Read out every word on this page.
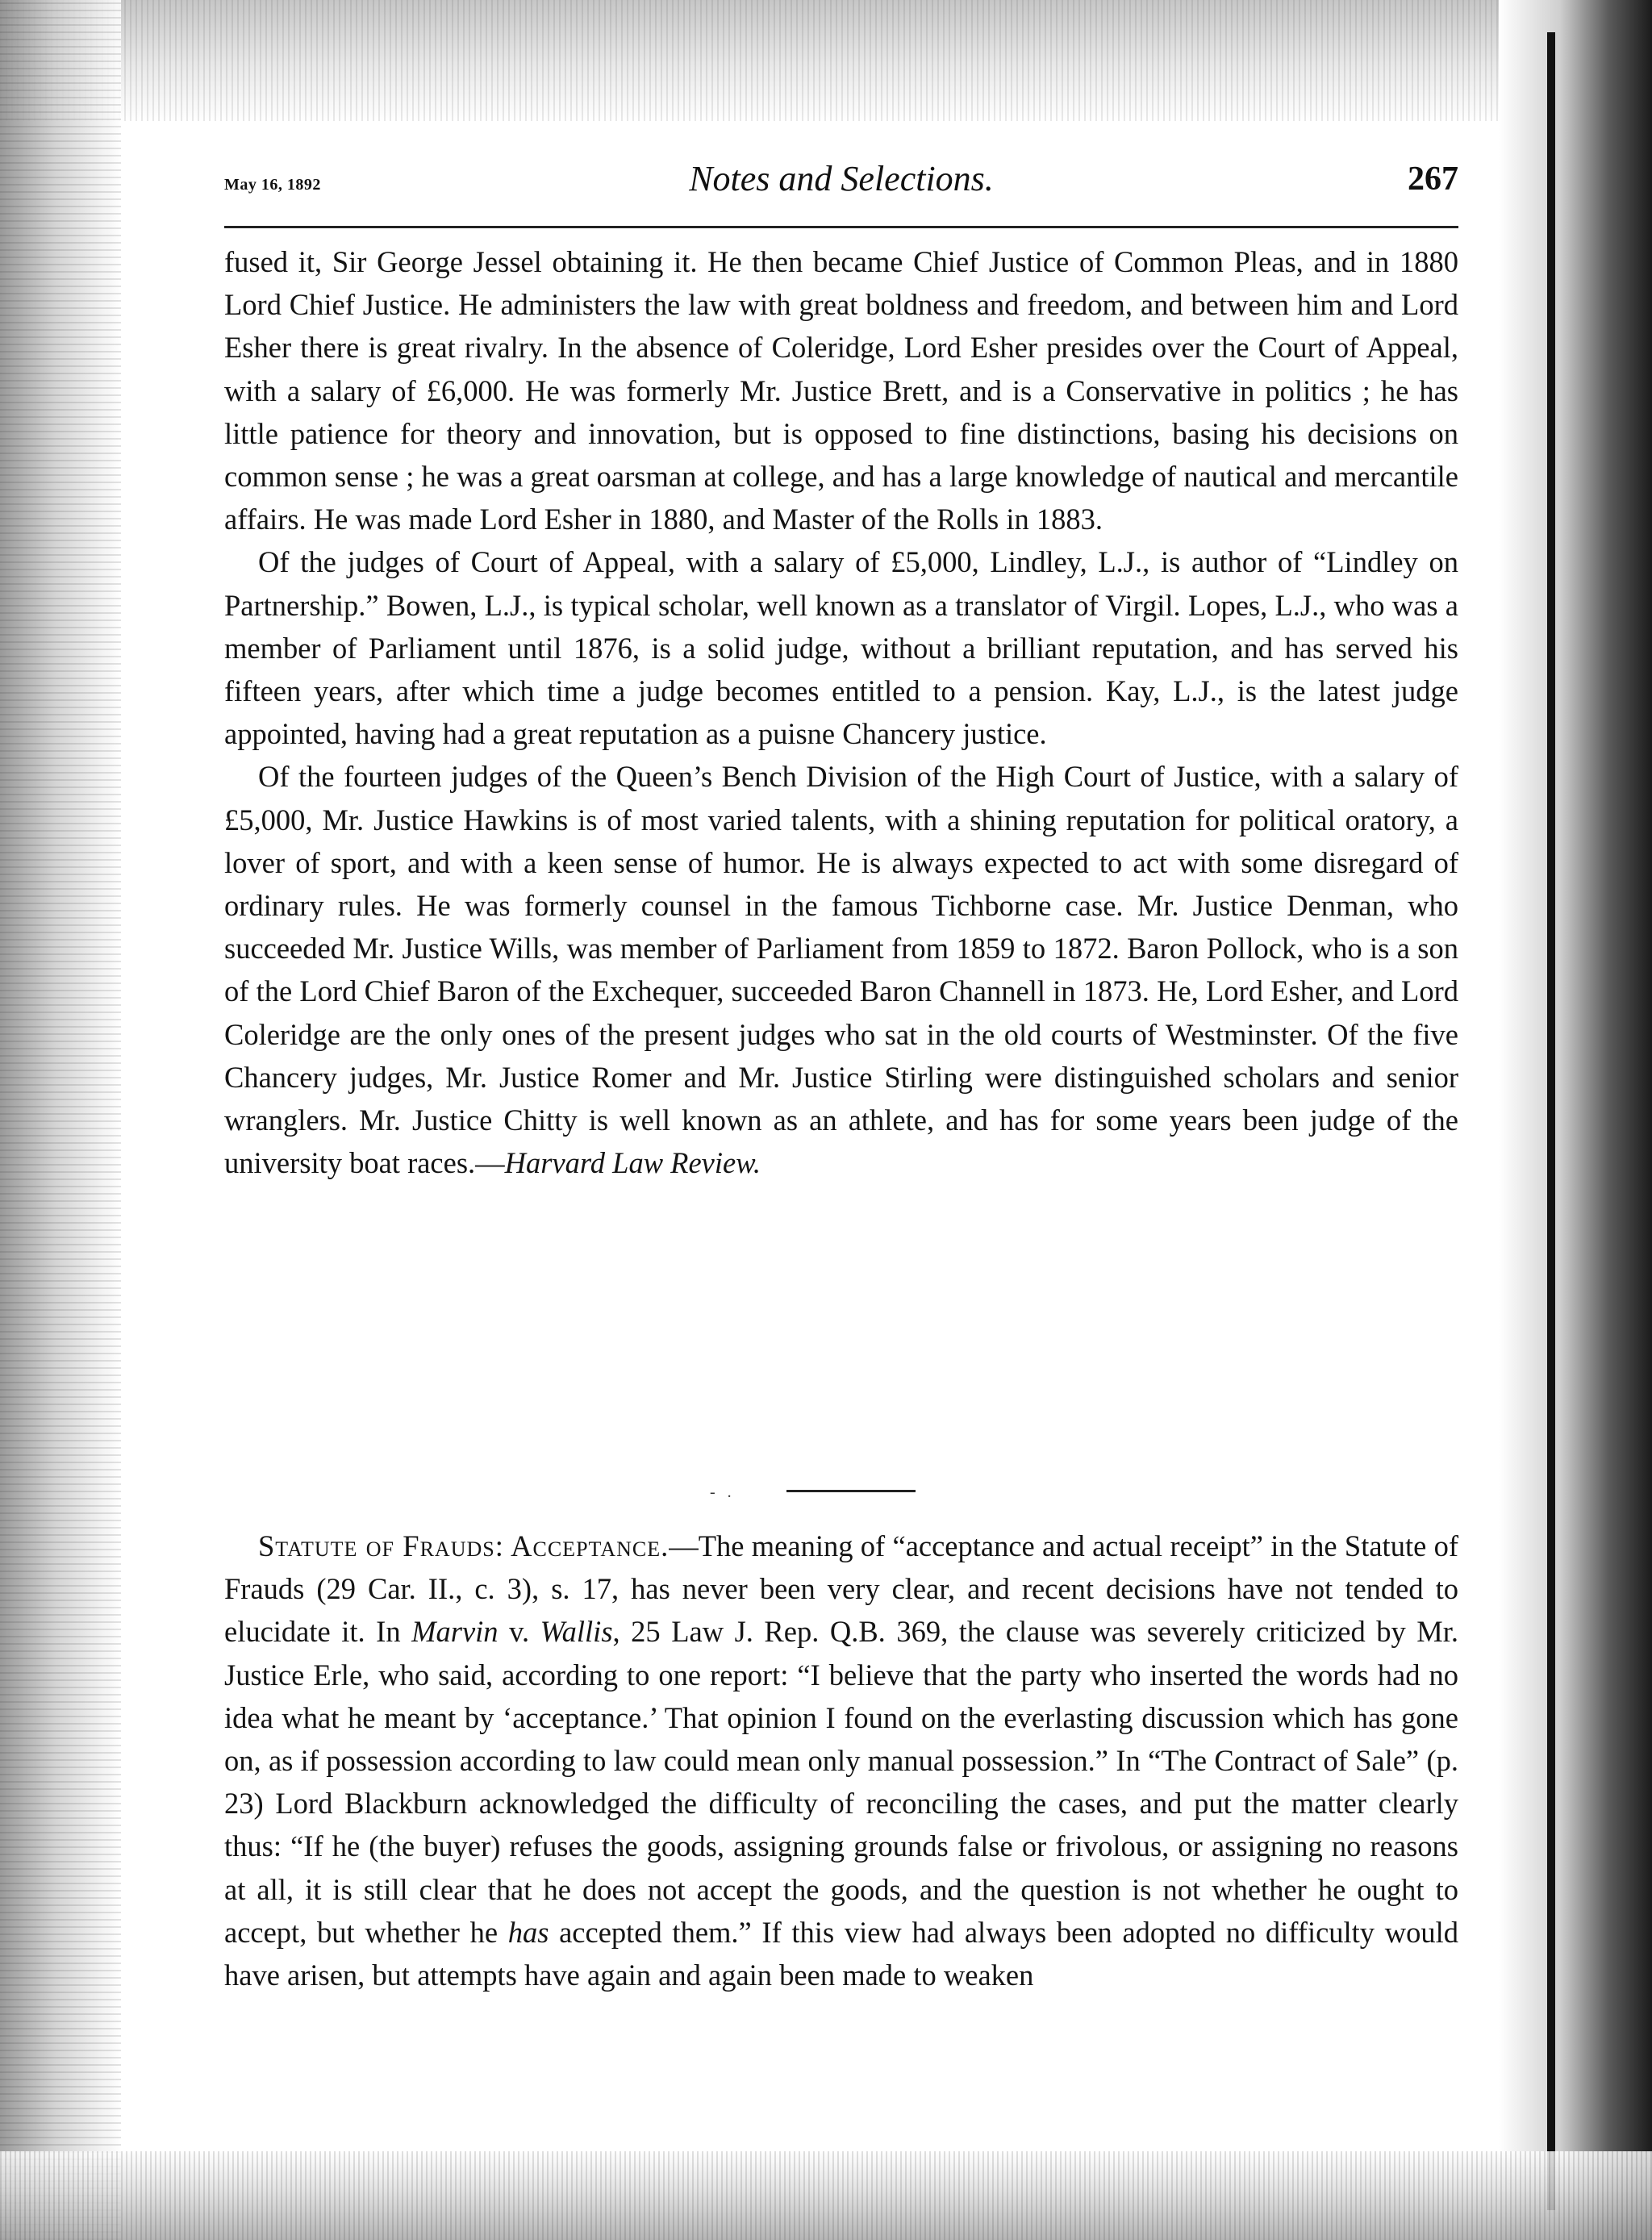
May 16, 1892	Notes and Selections.	267

fused it, Sir George Jessel obtaining it. He then became Chief Justice of Common Pleas, and in 1880 Lord Chief Justice. He administers the law with great boldness and freedom, and between him and Lord Esher there is great rivalry. In the absence of Coleridge, Lord Esher presides over the Court of Appeal, with a salary of £6,000. He was formerly Mr. Justice Brett, and is a Conservative in politics ; he has little patience for theory and innovation, but is opposed to fine distinctions, basing his decisions on common sense ; he was a great oarsman at college, and has a large knowledge of nautical and mercantile affairs. He was made Lord Esher in 1880, and Master of the Rolls in 1883.

Of the judges of Court of Appeal, with a salary of £5,000, Lindley, L.J., is author of “Lindley on Partnership.” Bowen, L.J., is typical scholar, well known as a translator of Virgil. Lopes, L.J., who was a member of Parliament until 1876, is a solid judge, without a brilliant reputation, and has served his fifteen years, after which time a judge becomes entitled to a pension. Kay, L.J., is the latest judge appointed, having had a great reputation as a puisne Chancery justice.

Of the fourteen judges of the Queen’s Bench Division of the High Court of Justice, with a salary of £5,000, Mr. Justice Hawkins is of most varied talents, with a shining reputation for political oratory, a lover of sport, and with a keen sense of humor. He is always expected to act with some disregard of ordinary rules. He was formerly counsel in the famous Tichborne case. Mr. Justice Denman, who succeeded Mr. Justice Wills, was member of Parliament from 1859 to 1872. Baron Pollock, who is a son of the Lord Chief Baron of the Exchequer, succeeded Baron Channell in 1873. He, Lord Esher, and Lord Coleridge are the only ones of the present judges who sat in the old courts of Westminster. Of the five Chancery judges, Mr. Justice Romer and Mr. Justice Stirling were distinguished scholars and senior wranglers. Mr. Justice Chitty is well known as an athlete, and has for some years been judge of the university boat races.—Harvard Law Review.

-   .

Statute of Frauds: Acceptance.—The meaning of “acceptance and actual receipt” in the Statute of Frauds (29 Car. II., c. 3), s. 17, has never been very clear, and recent decisions have not tended to elucidate it. In Marvin v. Wallis, 25 Law J. Rep. Q.B. 369, the clause was severely criticized by Mr. Justice Erle, who said, according to one report: “I believe that the party who inserted the words had no idea what he meant by ‘acceptance.’ That opinion I found on the everlasting discussion which has gone on, as if possession according to law could mean only manual possession.” In “The Contract of Sale” (p. 23) Lord Blackburn acknowledged the difficulty of reconciling the cases, and put the matter clearly thus: “If he (the buyer) refuses the goods, assigning grounds false or frivolous, or assigning no reasons at all, it is still clear that he does not accept the goods, and the question is not whether he ought to accept, but whether he has accepted them.” If this view had always been adopted no difficulty would have arisen, but attempts have again and again been made to weaken
